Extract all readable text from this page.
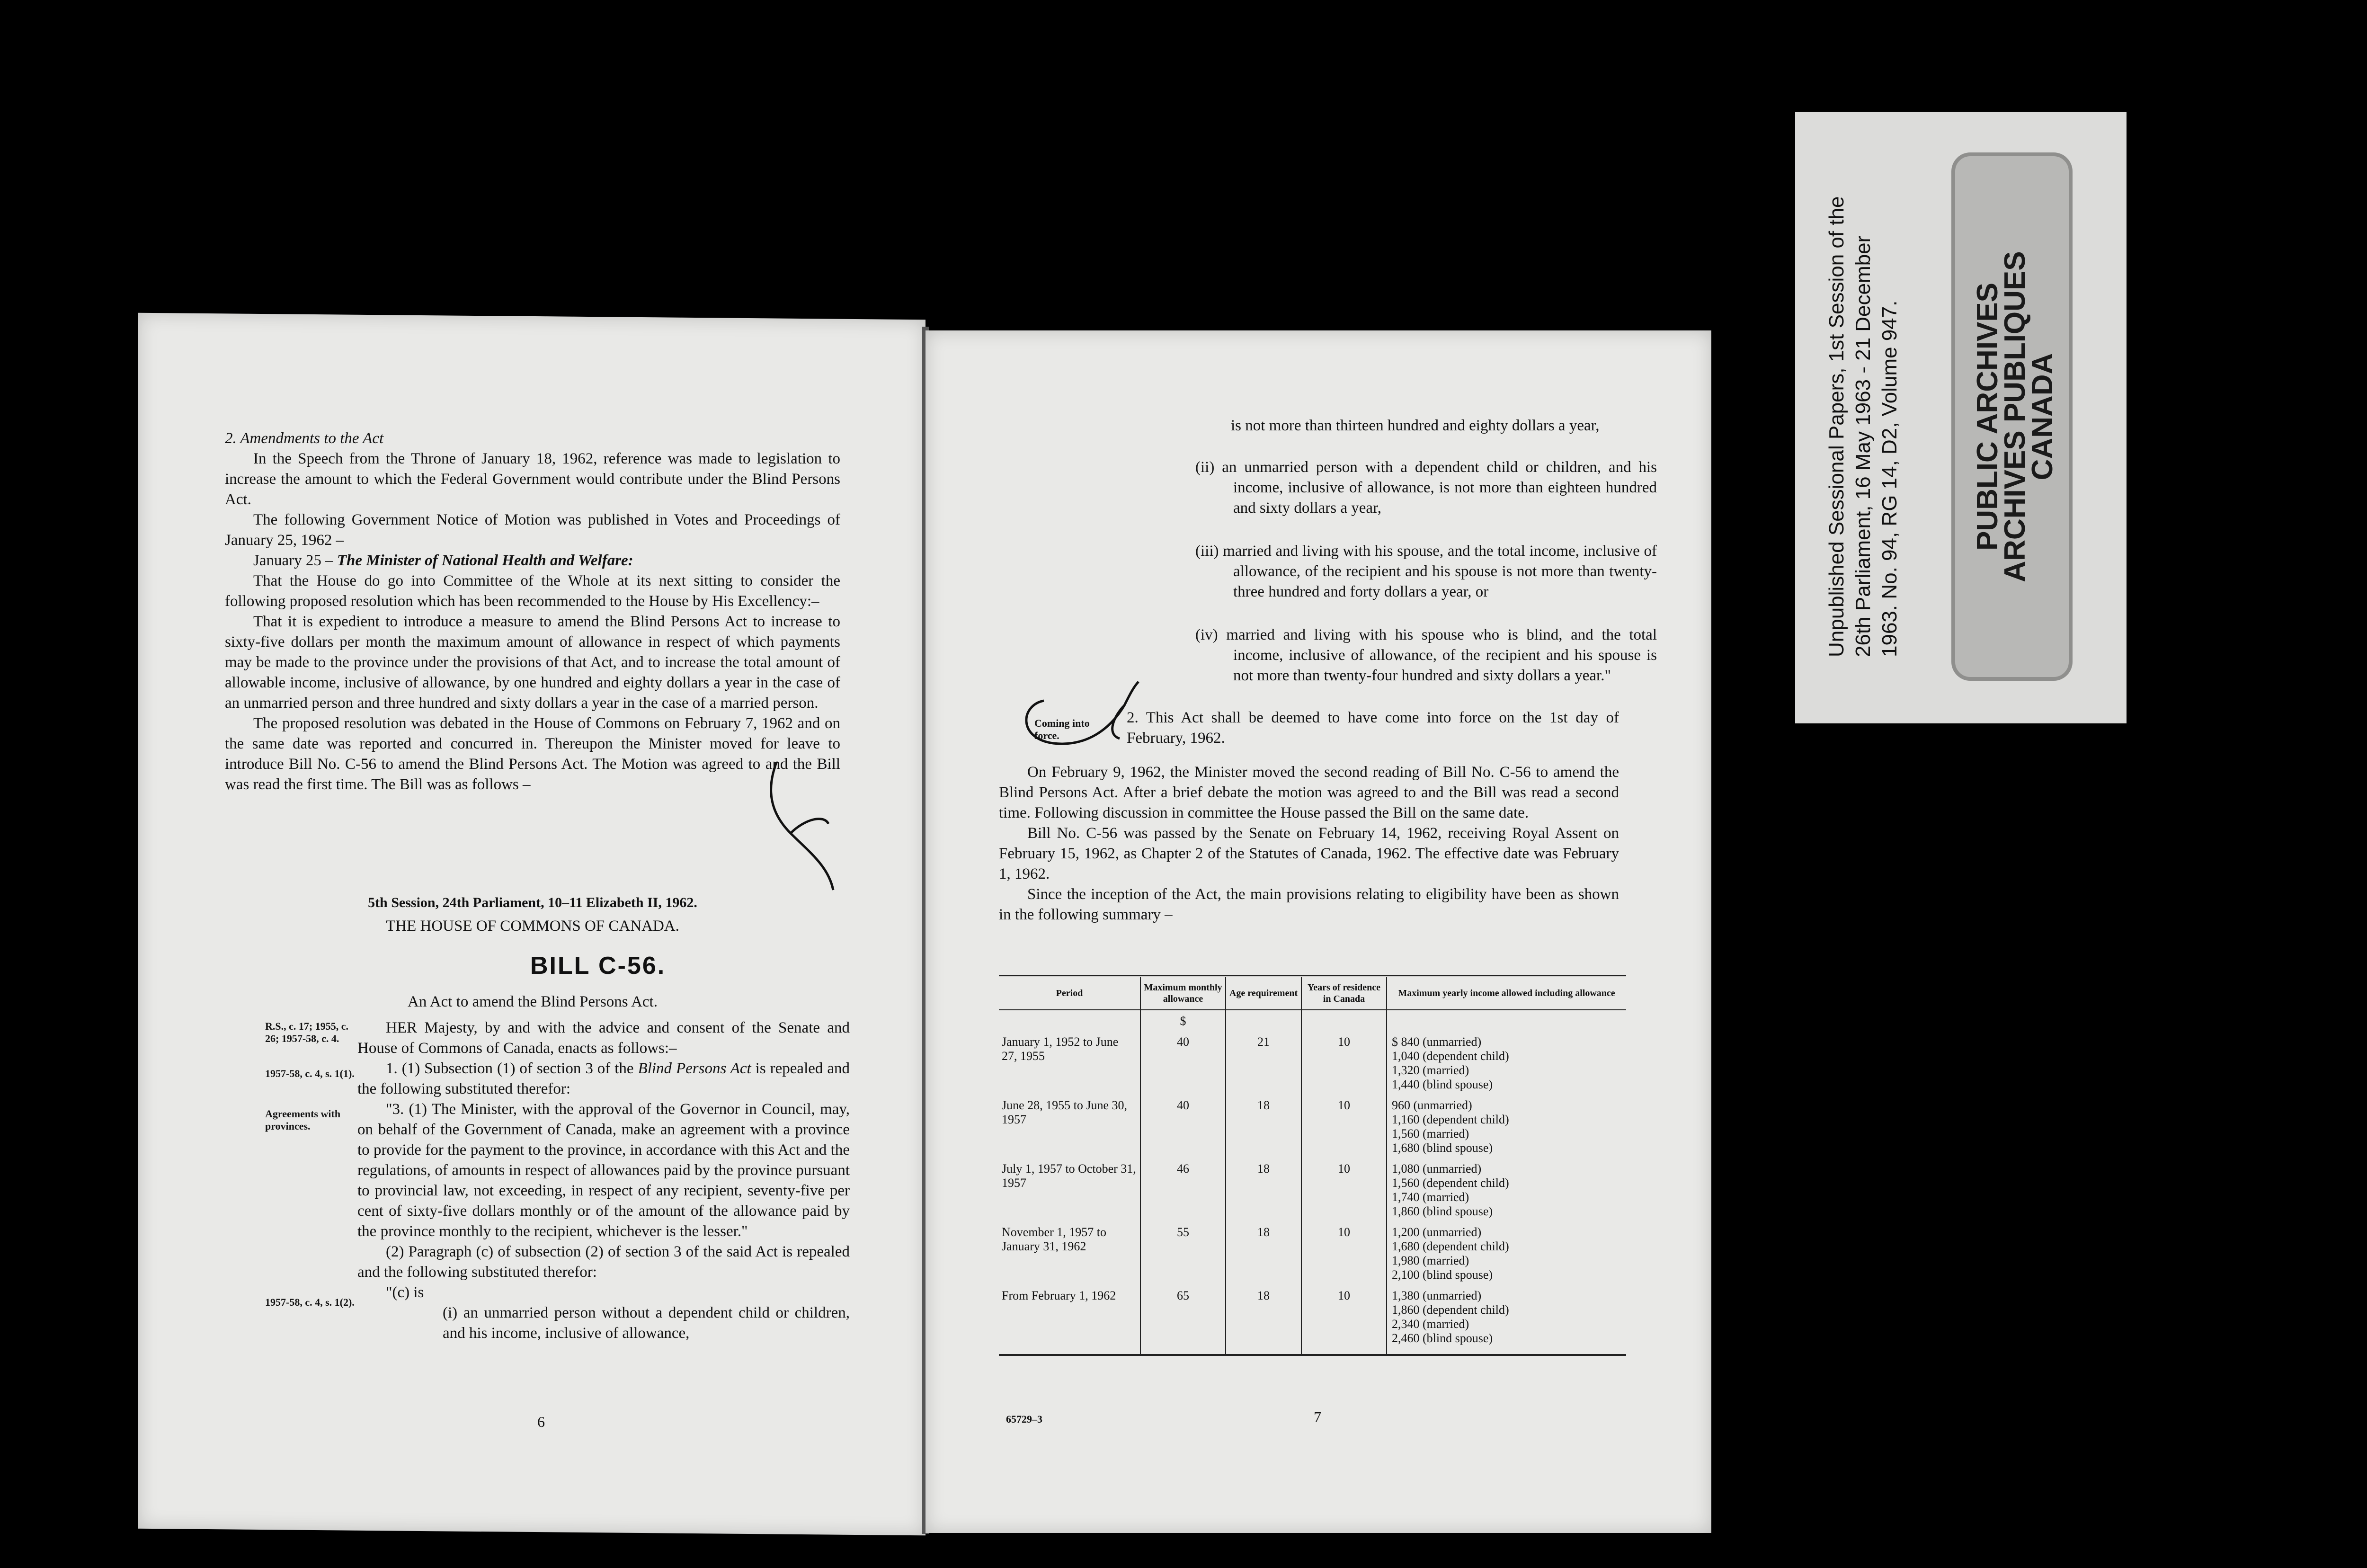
2. Amendments to the Act

In the Speech from the Throne of January 18, 1962, reference was made to legislation to increase the amount to which the Federal Government would contribute under the Blind Persons Act.

The following Government Notice of Motion was published in Votes and Proceedings of January 25, 1962 –

January 25 – The Minister of National Health and Welfare:

That the House do go into Committee of the Whole at its next sitting to consider the following proposed resolution which has been recommended to the House by His Excellency:–

That it is expedient to introduce a measure to amend the Blind Persons Act to increase to sixty-five dollars per month the maximum amount of allowance in respect of which payments may be made to the province under the provisions of that Act, and to increase the total amount of allowable income, inclusive of allowance, by one hundred and eighty dollars a year in the case of an unmarried person and three hundred and sixty dollars a year in the case of a married person.

The proposed resolution was debated in the House of Commons on February 7, 1962 and on the same date was reported and concurred in. Thereupon the Minister moved for leave to introduce Bill No. C-56 to amend the Blind Persons Act. The Motion was agreed to and the Bill was read the first time. The Bill was as follows –

5th Session, 24th Parliament, 10–11 Elizabeth II, 1962.
THE HOUSE OF COMMONS OF CANADA.
BILL C-56.
An Act to amend the Blind Persons Act.
R.S., c. 17; 1955, c. 26; 1957-58, c. 4.
1957-58, c. 4, s. 1(1).
Agreements with provinces.
1957-58, c. 4, s. 1(2).

HER Majesty, by and with the advice and consent of the Senate and House of Commons of Canada, enacts as follows:–

1. (1) Subsection (1) of section 3 of the Blind Persons Act is repealed and the following substituted therefor:

"3. (1) The Minister, with the approval of the Governor in Council, may, on behalf of the Government of Canada, make an agreement with a province to provide for the payment to the province, in accordance with this Act and the regulations, of amounts in respect of allowances paid by the province pursuant to provincial law, not exceeding, in respect of any recipient, seventy-five per cent of sixty-five dollars monthly or of the amount of the allowance paid by the province monthly to the recipient, whichever is the lesser."

(2) Paragraph (c) of subsection (2) of section 3 of the said Act is repealed and the following substituted therefor:

"(c) is

(i) an unmarried person without a dependent child or children, and his income, inclusive of allowance,

6
is not more than thirteen hundred and eighty dollars a year,
(ii) an unmarried person with a dependent child or children, and his income, inclusive of allowance, is not more than eighteen hundred and sixty dollars a year,
(iii) married and living with his spouse, and the total income, inclusive of allowance, of the recipient and his spouse is not more than twenty-three hundred and forty dollars a year, or
(iv) married and living with his spouse who is blind, and the total income, inclusive of allowance, of the recipient and his spouse is not more than twenty-four hundred and sixty dollars a year."
Coming into force.
2. This Act shall be deemed to have come into force on the 1st day of February, 1962.

On February 9, 1962, the Minister moved the second reading of Bill No. C-56 to amend the Blind Persons Act. After a brief debate the motion was agreed to and the Bill was read a second time. Following discussion in committee the House passed the Bill on the same date.

Bill No. C-56 was passed by the Senate on February 14, 1962, receiving Royal Assent on February 15, 1962, as Chapter 2 of the Statutes of Canada, 1962. The effective date was February 1, 1962.

Since the inception of the Act, the main provisions relating to eligibility have been as shown in the following summary –

Period	Maximum monthly allowance	Age requirement	Years of residence in Canada	Maximum yearly income allowed including allowance
	$			
January 1, 1952 to June 27, 1955	40	21	10	$ 840 (unmarried)
1,040 (dependent child)
1,320 (married)
1,440 (blind spouse)

June 28, 1955 to June 30, 1957	40	18	10	960 (unmarried)
1,160 (dependent child)
1,560 (married)
1,680 (blind spouse)

July 1, 1957 to October 31, 1957	46	18	10	1,080 (unmarried)
1,560 (dependent child)
1,740 (married)
1,860 (blind spouse)

November 1, 1957 to January 31, 1962	55	18	10	1,200 (unmarried)
1,680 (dependent child)
1,980 (married)
2,100 (blind spouse)

From February 1, 1962	65	18	10	1,380 (unmarried)
1,860 (dependent child)
2,340 (married)
2,460 (blind spouse)
7
65729–3
Unpublished Sessional Papers, 1st Session of the 26th Parliament, 16 May 1963 - 21 December 1963. No. 94, RG 14, D2, Volume 947. PUBLIC ARCHIVES
ARCHIVES PUBLIQUES
CANADA
